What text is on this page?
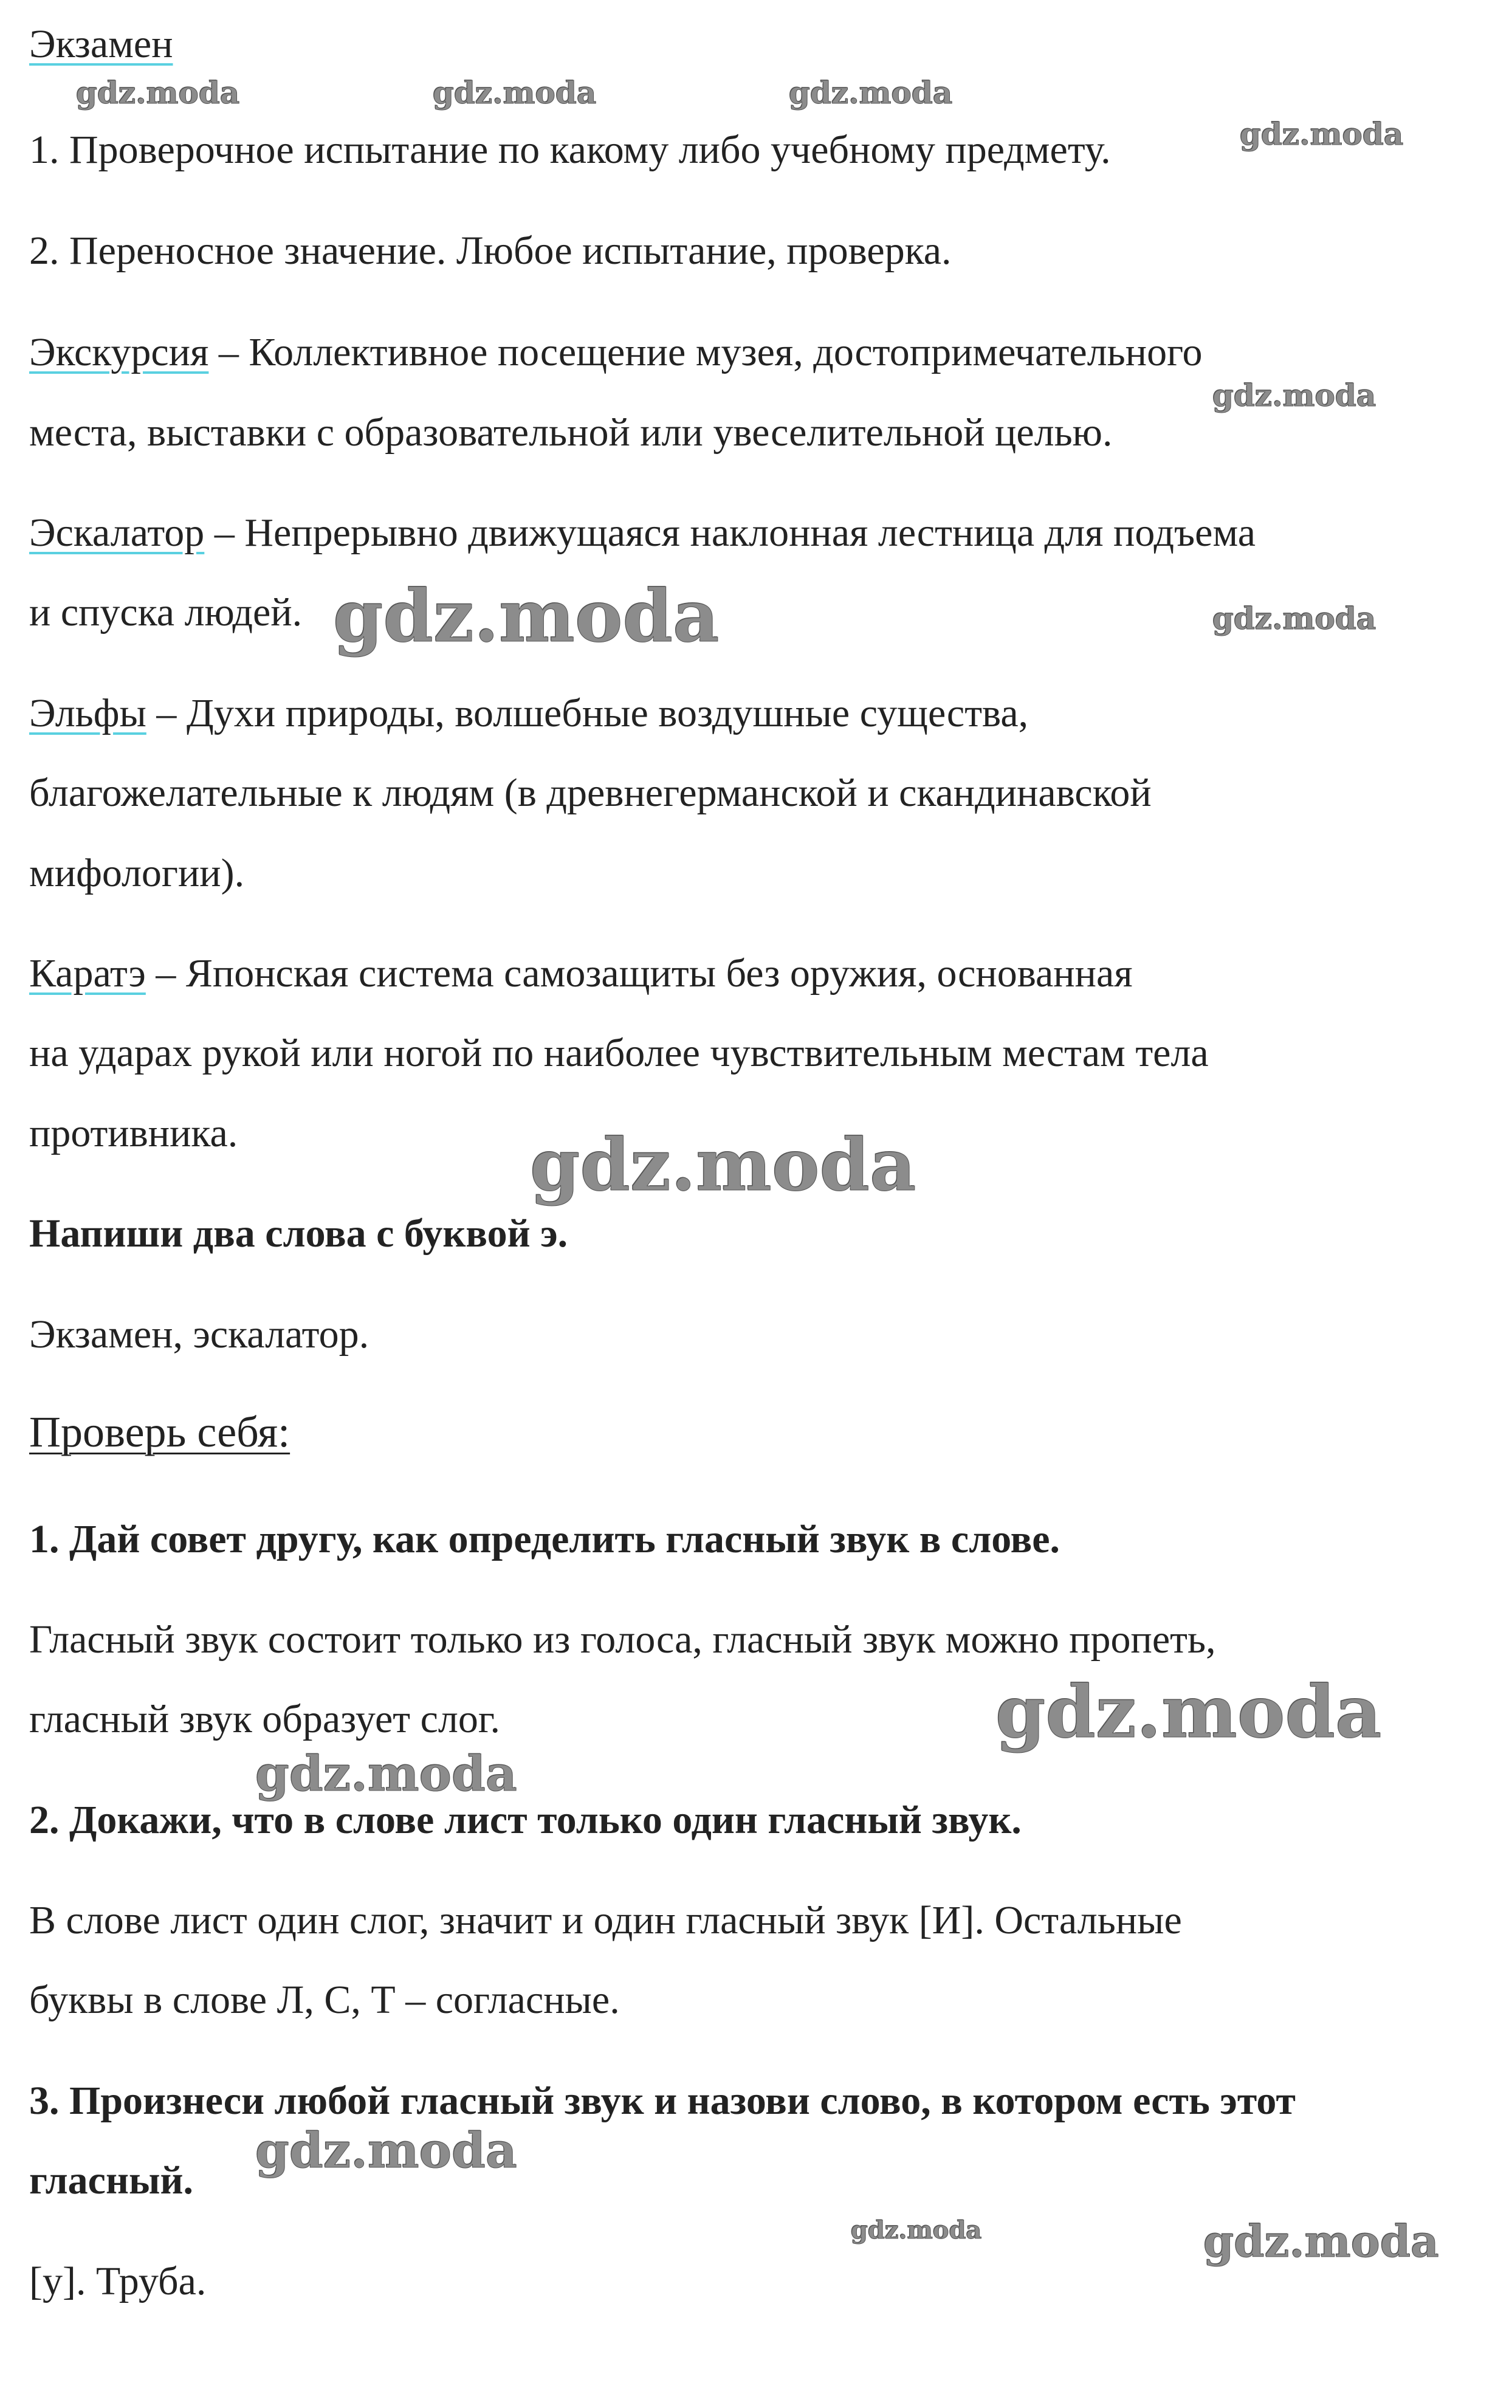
Экзамен
1. Проверочное испытание по какому либо учебному предмету.
2. Переносное значение. Любое испытание, проверка.
Экскурсия – Коллективное посещение музея, достопримечательного
места, выставки с образовательной или увеселительной целью.
Эскалатор – Непрерывно движущаяся наклонная лестница для подъема
и спуска людей.
Эльфы – Духи природы, волшебные воздушные существа,
благожелательные к людям (в древнегерманской и скандинавской
мифологии).
Каратэ – Японская система самозащиты без оружия, основанная
на ударах рукой или ногой по наиболее чувствительным местам тела
противника.
Напиши два слова с буквой э.
Экзамен, эскалатор.
Проверь себя:
1. Дай совет другу, как определить гласный звук в слове.
Гласный звук состоит только из голоса, гласный звук можно пропеть,
гласный звук образует слог.
2. Докажи, что в слове лист только один гласный звук.
В слове лист один слог, значит и один гласный звук [И]. Остальные
буквы в слове Л, С, Т – согласные.
3. Произнеси любой гласный звук и назови слово, в котором есть этот
гласный.
[у]. Труба.
gdz.moda	gdz.moda	gdz.moda
gdz.moda
gdz.moda
gdz.moda
gdz.moda
gdz.moda
gdz.moda
gdz.moda
gdz.moda
gdz.moda	gdz.moda
